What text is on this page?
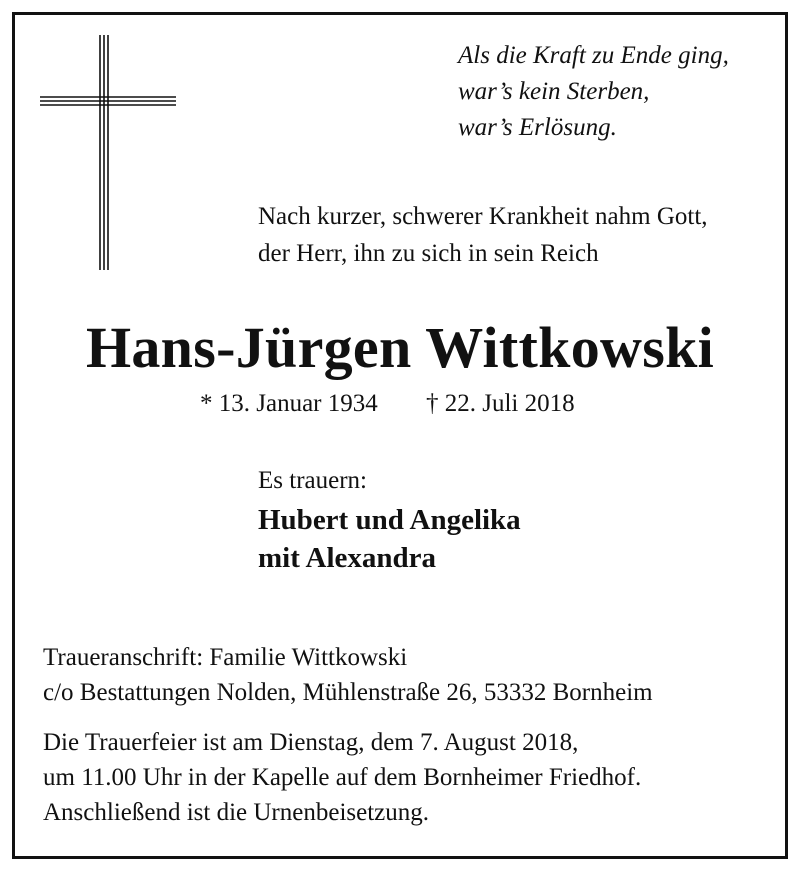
Als die Kraft zu Ende ging,
war’s kein Sterben,
war’s Erlösung.
Nach kurzer, schwerer Krankheit nahm Gott,
der Herr, ihn zu sich in sein Reich
Hans-Jürgen Wittkowski
* 13. Januar 1934 † 22. Juli 2018
Es trauern:
Hubert und Angelika
mit Alexandra
Traueranschrift: Familie Wittkowski
c/o Bestattungen Nolden, Mühlenstraße 26, 53332 Bornheim
Die Trauerfeier ist am Dienstag, dem 7. August 2018,
um 11.00 Uhr in der Kapelle auf dem Bornheimer Friedhof.
Anschließend ist die Urnenbeisetzung.
